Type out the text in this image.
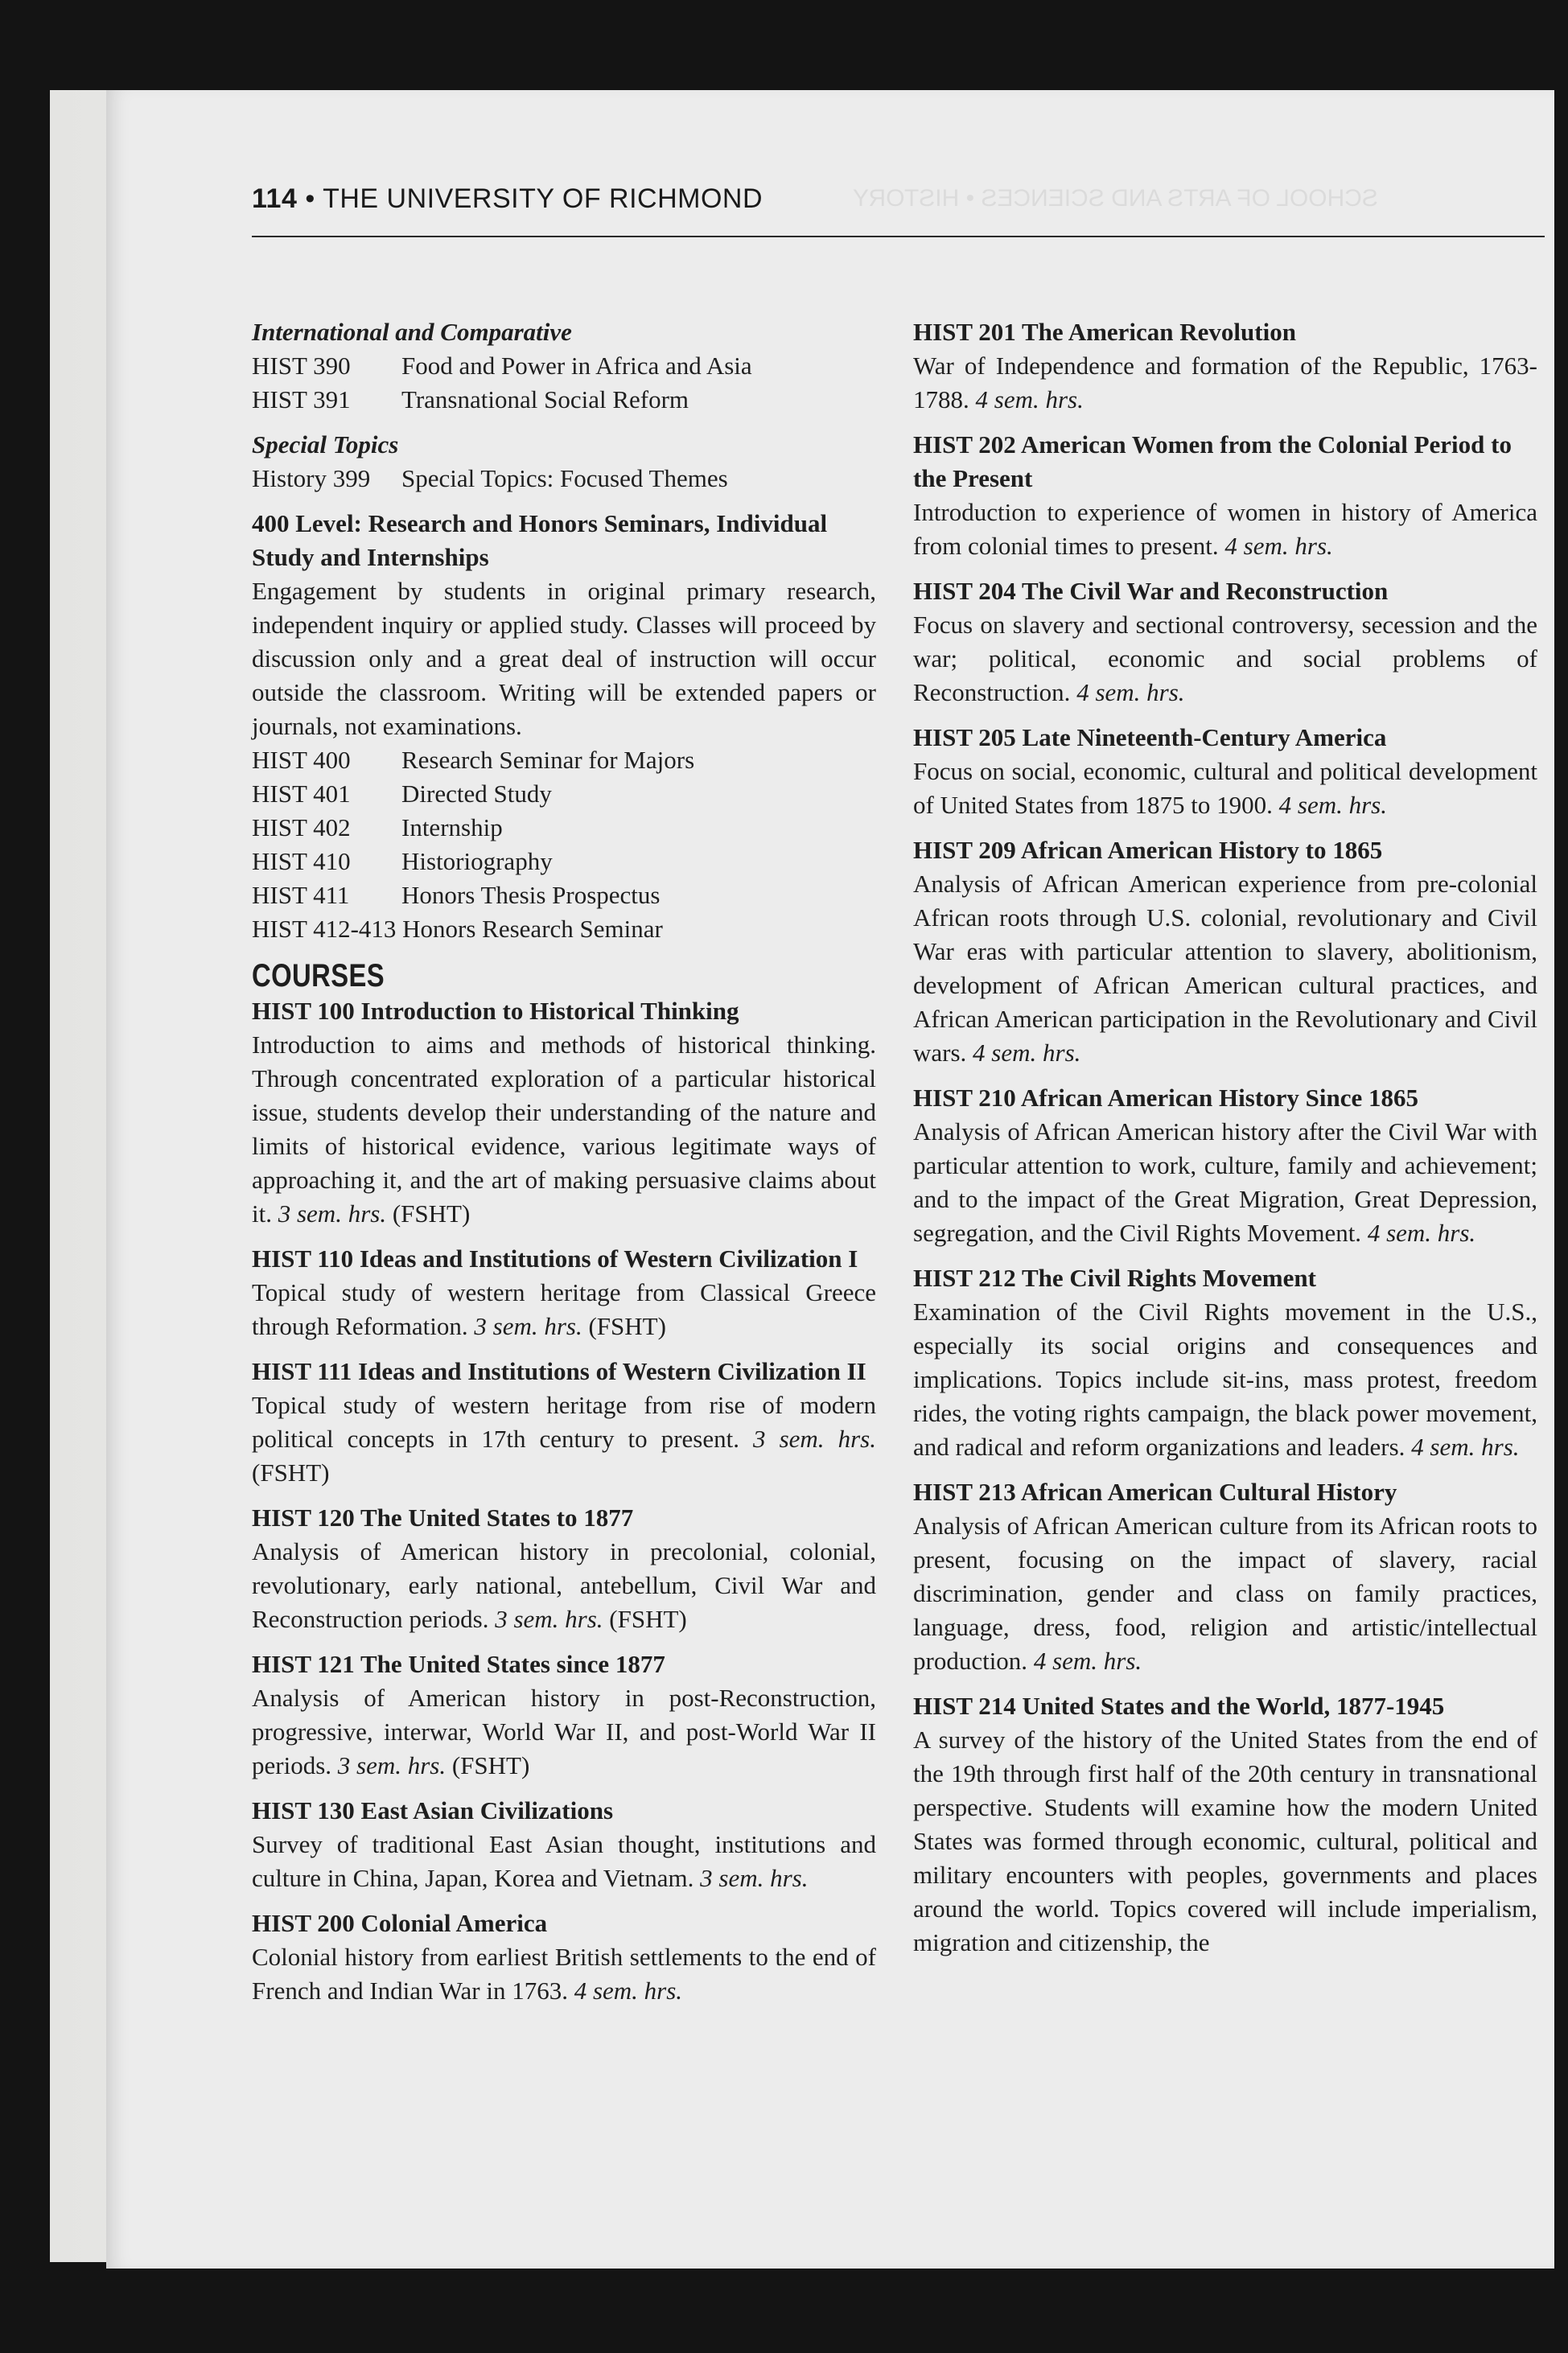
SCHOOL OF ARTS AND SCIENCES • HISTORY
114 • THE UNIVERSITY OF RICHMOND

International and Comparative

HIST 390	Food and Power in Africa and Asia
HIST 391	Transnational Social Reform

Special Topics

History 399	Special Topics: Focused Themes

400 Level: Research and Honors Seminars, Individual Study and Internships

Engagement by students in original primary research, independent inquiry or applied study. Classes will proceed by discussion only and a great deal of instruction will occur outside the classroom. Writing will be extended papers or journals, not examinations.

HIST 400	Research Seminar for Majors
HIST 401	Directed Study
HIST 402	Internship
HIST 410	Historiography
HIST 411	Honors Thesis Prospectus

HIST 412-413 Honors Research Seminar

COURSES

HIST 100 Introduction to Historical Thinking

Introduction to aims and methods of historical thinking. Through concentrated exploration of a particular historical issue, students develop their understanding of the nature and limits of historical evidence, various legitimate ways of approaching it, and the art of making persuasive claims about it. 3 sem. hrs. (FSHT)

HIST 110 Ideas and Institutions of Western Civilization I

Topical study of western heritage from Classical Greece through Reformation. 3 sem. hrs. (FSHT)

HIST 111 Ideas and Institutions of Western Civilization II

Topical study of western heritage from rise of modern political concepts in 17th century to present. 3 sem. hrs. (FSHT)

HIST 120 The United States to 1877

Analysis of American history in precolonial, colonial, revolutionary, early national, antebellum, Civil War and Reconstruction periods. 3 sem. hrs. (FSHT)

HIST 121 The United States since 1877

Analysis of American history in post-Reconstruction, progressive, interwar, World War II, and post-World War II periods. 3 sem. hrs. (FSHT)

HIST 130 East Asian Civilizations

Survey of traditional East Asian thought, institutions and culture in China, Japan, Korea and Vietnam. 3 sem. hrs.

HIST 200 Colonial America

Colonial history from earliest British settlements to the end of French and Indian War in 1763. 4 sem. hrs.

HIST 201 The American Revolution

War of Independence and formation of the Republic, 1763-1788. 4 sem. hrs.

HIST 202 American Women from the Colonial Period to the Present

Introduction to experience of women in history of America from colonial times to present. 4 sem. hrs.

HIST 204 The Civil War and Reconstruction

Focus on slavery and sectional controversy, secession and the war; political, economic and social problems of Reconstruction. 4 sem. hrs.

HIST 205 Late Nineteenth-Century America

Focus on social, economic, cultural and political development of United States from 1875 to 1900. 4 sem. hrs.

HIST 209 African American History to 1865

Analysis of African American experience from pre-colonial African roots through U.S. colonial, revolutionary and Civil War eras with particular attention to slavery, abolitionism, development of African American cultural practices, and African American participation in the Revolutionary and Civil wars. 4 sem. hrs.

HIST 210 African American History Since 1865

Analysis of African American history after the Civil War with particular attention to work, culture, family and achievement; and to the impact of the Great Migration, Great Depression, segregation, and the Civil Rights Movement. 4 sem. hrs.

HIST 212 The Civil Rights Movement

Examination of the Civil Rights movement in the U.S., especially its social origins and consequences and implications. Topics include sit-ins, mass protest, freedom rides, the voting rights campaign, the black power movement, and radical and reform organizations and leaders. 4 sem. hrs.

HIST 213 African American Cultural History

Analysis of African American culture from its African roots to present, focusing on the impact of slavery, racial discrimination, gender and class on family practices, language, dress, food, religion and artistic/intellectual production. 4 sem. hrs.

HIST 214 United States and the World, 1877-1945

A survey of the history of the United States from the end of the 19th through first half of the 20th century in transnational perspective. Students will examine how the modern United States was formed through economic, cultural, political and military encounters with peoples, governments and places around the world. Topics covered will include imperialism, migration and citizenship, the
